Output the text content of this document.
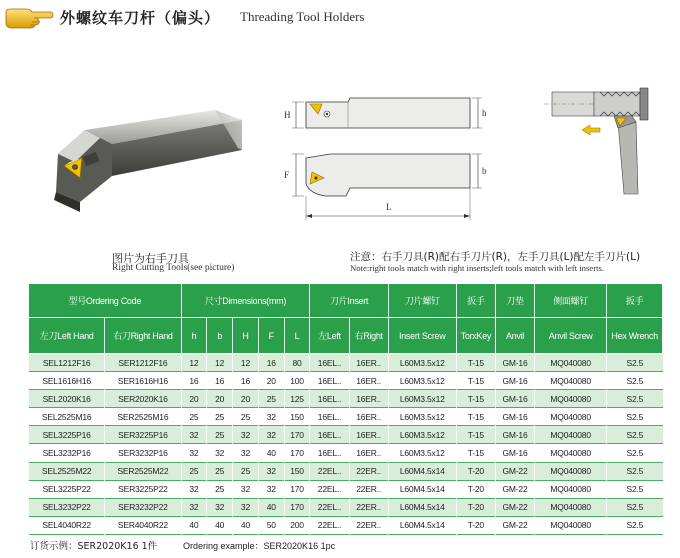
外螺纹车刀杆（偏头） Threading Tool Holders
H	h
F	b
L
图片为右手刀具
Right Cutting Tools(see picture)
注意：右手刀具(R)配右手刀片(R)，左手刀具(L)配左手刀片(L)
Note:right tools match with right inserts;left tools match with left inserts.
型号Ordering Code		尺寸Dimensions(mm)					刀片Insert		刀片螺钉	扳手	刀垫	侧面螺钉	扳手
左刀Left Hand	右刀Right Hand	h	b	H	F	L	左Left	右Right	Insert Screw	TorxKey	Anvil	Anvil Screw	Hex Wrench
SEL1212F16	SER1212F16	12	12	12	16	80	16EL..	16ER..	L60M3.5x12	T-15	GM-16	MQ040080	S2.5
SEL1616H16	SER1616H16	16	16	16	20	100	16EL..	16ER..	L60M3.5x12	T-15	GM-16	MQ040080	S2.5
SEL2020K16	SER2020K16	20	20	20	25	125	16EL..	16ER..	L60M3.5x12	T-15	GM-16	MQ040080	S2.5
SEL2525M16	SER2525M16	25	25	25	32	150	16EL..	16ER..	L60M3.5x12	T-15	GM-16	MQ040080	S2.5
SEL3225P16	SER3225P16	32	25	32	32	170	16EL..	16ER..	L60M3.5x12	T-15	GM-16	MQ040080	S2.5
SEL3232P16	SER3232P16	32	32	32	40	170	16EL..	16ER..	L60M3.5x12	T-15	GM-16	MQ040080	S2.5
SEL2525M22	SER2525M22	25	25	25	32	150	22EL..	22ER..	L60M4.5x14	T-20	GM-22	MQ040080	S2.5
SEL3225P22	SER3225P22	32	25	32	32	170	22EL..	22ER..	L60M4.5x14	T-20	GM-22	MQ040080	S2.5
SEL3232P22	SER3232P22	32	32	32	40	170	22EL..	22ER..	L60M4.5x14	T-20	GM-22	MQ040080	S2.5
SEL4040R22	SER4040R22	40	40	40	50	200	22EL..	22ER..	L60M4.5x14	T-20	GM-22	MQ040080	S2.5
订货示例：SER2020K16 1件	Ordering example：SER2020K16 1pc
